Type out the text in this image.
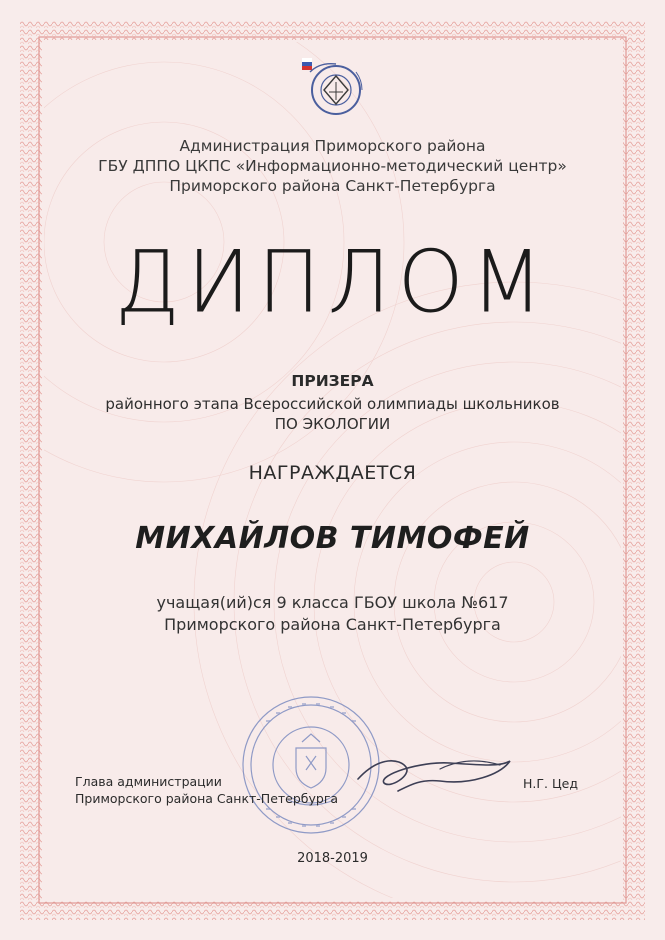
Администрация Приморского района
ГБУ ДППО ЦКПС «Информационно-методический центр»
Приморского района Санкт-Петербурга
ДИПЛОМ
ПРИЗЕРА
районного этапа Всероссийской олимпиады школьников
ПО ЭКОЛОГИИ
НАГРАЖДАЕТСЯ
МИХАЙЛОВ ТИМОФЕЙ
учащая(ий)ся 9 класса ГБОУ школа №617
Приморского района Санкт-Петербурга
Глава администрации
Приморского района Санкт-Петербурга
Н.Г. Цед
2018-2019
